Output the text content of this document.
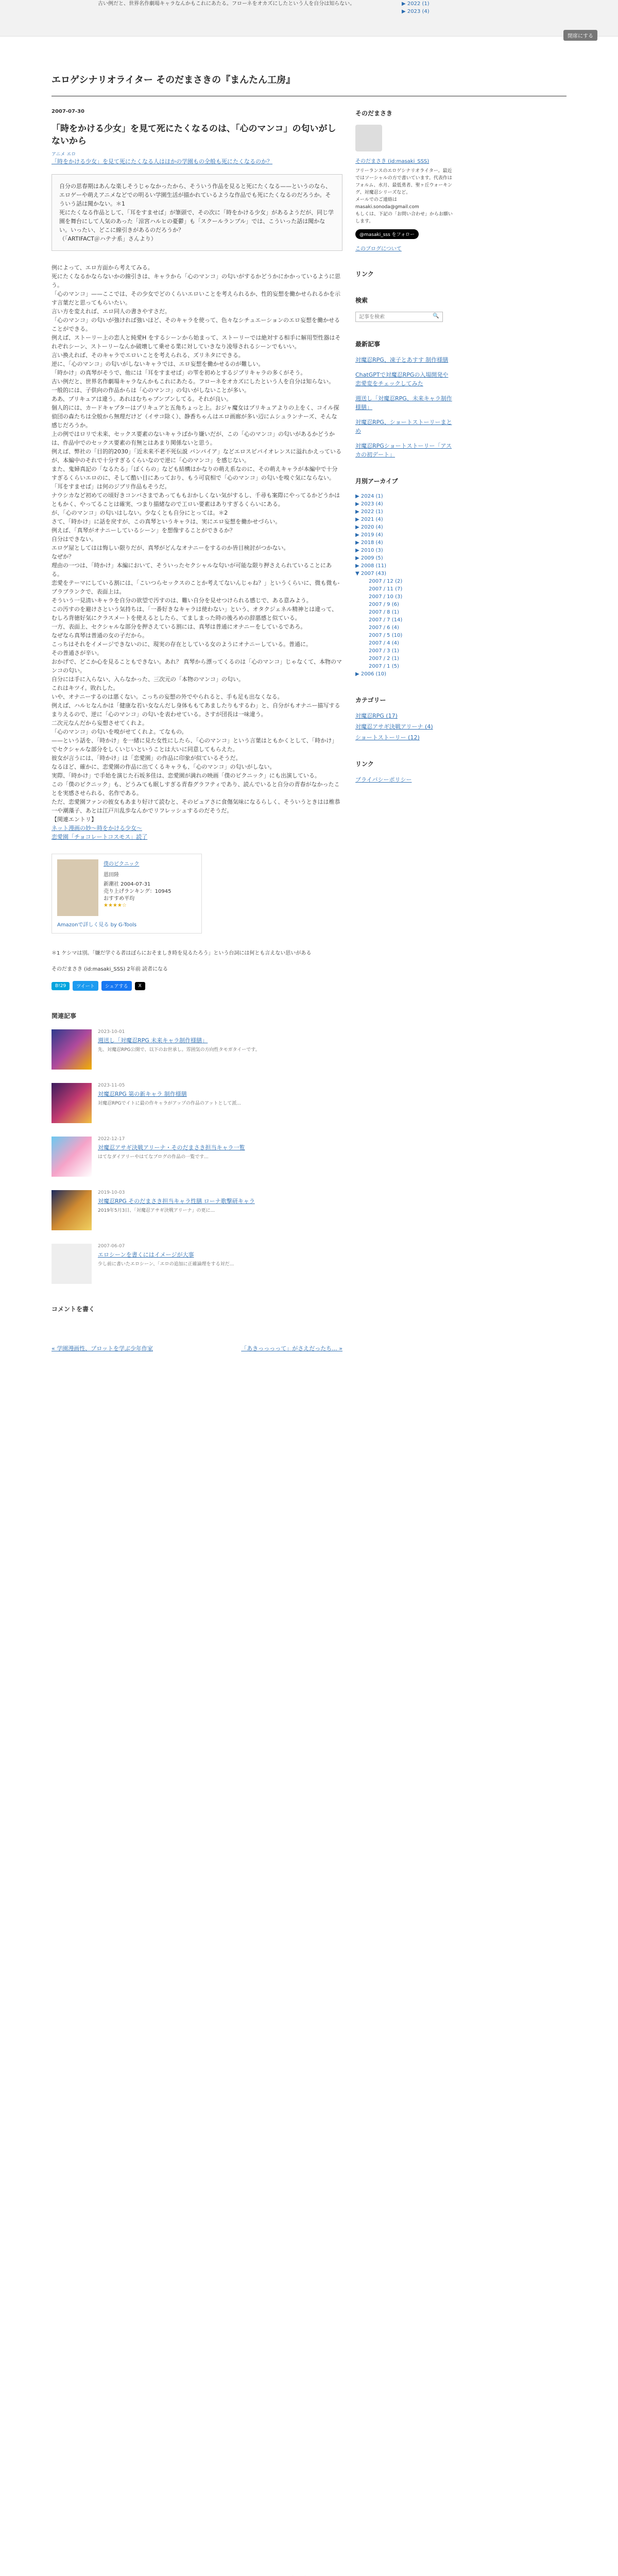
古い例だと、世界名作劇場キャラなんかもこれにあたる。フローネをオカズにしたという人を自分は知らない。	▶ 2022 (1)
▶ 2023 (4)
閉席にする
エロゲシナリオライター そのだまさきの『まんたん工房』
2007-07-30
「時をかける少女」を見て死にたくなるのは、「心のマンコ」の匂いがしないから
アニメ エロ

「時をかける少女」を見て死にたくなる人はほかの学園もの全般も死にたくなるのか？

自分の思春期はあんな楽しそうじゃなかったから、そういう作品を見ると死にたくなる——というのなら、エロゲーや萌えアニメなどでの明るい学園生活が描かれているような作品でも死にたくなるのだろうか。そういう話は聞かない。＊1
死にたくなる作品として、「耳をすませば」が筆頭で、その次に「時をかける少女」があるようだが、同じ学園を舞台にして人気のあった「涼宮ハルヒの憂鬱」も「スクールランブル」では、こういった話は聞かない。いったい、どこに線引きがあるのだろうか？
（「ARTIFACT＠ハテナ系」さんより）

例によって、エロ方面から考えてみる。
死にたくなるかならないかの線引きは、キャラから「心のマンコ」の匂いがするかどうかにかかっているように思う。
「心のマンコ」——ここでは、その少女でどのくらいエロいことを考えられるか、性的妄想を働かせられるかを示す言葉だと思ってもらいたい。
言い方を変えれば、エロ同人の書きやすさだ。

「心のマンコ」の匂いが強ければ強いほど、そのキャラを使って、色々なシチュエーションのエロ妄想を働かせることができる。
例えば、ストーリー上の恋人と純愛H をするシーンから始まって、ストーリーでは絶対する相手に解用型性器はそれぞれシーン、ストーリーなんか破壊して乗せる業に対していきなり凌辱されるシーンでもいい。
言い換えれば、そのキャラでエロいことを考えられる、ズリネタにできる。

逆に、「心のマンコ」の匂いがしないキャラでは、エロ妄想を働かせるのが難しい。
「時かけ」の真琴がそうで、他には「耳をすませば」の雫を初めとするジブリキャラの多くがそう。
古い例だと、世界名作劇場キャラなんかもこれにあたる。フローネをオカズにしたという人を自分は知らない。

一般的には、子供向の作品からは「心のマンコ」の匂いがしないことが多い。
ああ、プリキュアは違う。あれはむちゃブンブンしてる。それが良い。
個人的には、カードキャプターはプリキュアと五角ちょっと上。おジャ魔女はプリキュアよりの上をく、コイル探偵団の森たちは全般から無理だけど（イサコ除く）、静香ちゃんはエロ画廊が多い辺にムシュランナーズ、そんな感じだろうか。

上の例ではロリで未来、セックス要素のないキャラばかり嫌いだが、この「心のマンコ」の匂いがあるかどうかは、作品中でのセックス要素の有無とはあまり関係ないと思う。
例えば、弊社の「目的的2030」「近未来不老不死伝説 バンパイア」などエロスピパイオレンスに溢れかえっているが、本編中のそれで十分すぎるくらいなので逆に「心のマンコ」を感じない。
また、鬼婦真記の「なるたる」「ぼくらの」なども結構はかなりの萌え系なのに、その萌えキャラが本編中で十分すぎるくらいエロのに、そして酷い目にあっており、もう可哀相で「心のマンコ」の匂いを嗅ぐ気にならない。
「耳をすませば」は何のジブリ作品もそうだ。
ナウシカなど初めての頃好きコンバさまであってももおかしくない気がするし、千尋も案際にやってるかどうかはともかく、やってることは確実、つまり描緒なので工ロい要素はありすぎるくらいにある。
が、「心のマンコ」の匂いはしない。少なくとも自分にとっては。＊2

さて、「時かけ」に話を戻すが、この真琴というキャラは、実にエロ妄想を働かせづらい。
例えば、「真琴がオナニーしているシーン」を想像することができるか？
自分はできない。
エロゲ屋としてはは悔しい限りだが、真琴がどんなオナニーをするのか皆目検討がつかない。
なぜか？
理由の一つは、「時かけ」本編において、そういったセクシャルな匂いが可能な限り押さえられていることにある。
恋愛をテーマにしている割には、「こいつらセックスのことか考えてないんじゃね？」というくらいに、微も微も-ブラブランクで、表面上は。
そういう一見清いキャラを自分の欲望で汚すのは、難い自分を見せつけられる感じで、ある意みよう。
この汚すのを避けさという気持ちは、「一番好きなキャラは使わない」という、オタクジェネル精神とは違って、むしろ背徳好気にクラスメートを使えるとしたら、てましまった時の後ろめの辞悪感と似ている。

一方、表面上、セクシャルな部分を押さえている割には、真琴は普通にオナニーをしているであろ。
なぜなら真琴は普通の女の子だから。
こっちはそれをイメージできないのに、現実の存在としている女のようにオナニーしている。普通に。
その普通さが辛い。
おかげで、どこか心を見ることもできない。あれ？ 真琴から漂ってくるのは「心のマンコ」じゃなくて、本物のマンコの匂い。
自分には手に入らない、入らなかった、三次元の「本物のマンコ」の匂い。
これはキツイ。敗れした。

いや、オナニーするのは悪くない。こっちの妄想の外でやられると、手も足も出なくなる。
例えば、ハルヒなんかは「健康な若い女なんだし身体ももてあましたりもするわ」と、自分がもオナニー描写するまりえるので、逆に「心のマンコ」の匂いを表わせている。さすが団長は一味違う。

二次元なんだから妄想させてくれよ。
「心のマンコ」の匂いを嗅がせてくれよ。てなもの。

——という話を、「時かけ」を一緒に見た女性にしたら、「心のマンコ」という言葉はともかくとして、「時かけ」でセクシャルな部分をしくいじいということは大いに同意してもらえた。

彼女が言うには、「時かけ」は「恋愛園」の作品に印象が似ているそうだ。
なるほど、確かに、恋愛園の作品に出てくるキャラも、「心のマンコ」の匂いがしない。
実際、「時かけ」で手始を演じた石坂多佳は、恋愛園が満れの映画「僕のピクニック」にも出演している。
この「僕のピクニック」も、どうみても眠しすぎる青春グラフティであり、読んでいると自分の青春がなかったことを実感させられる、名作である。

ただ、恋愛園ファンの彼女もあまり好けて読むと、そのピュアさに食傷気味になるらしく、そういうときはは椎恭一や潮藻子、あとは江戸川乱歩なんかでリフレッシュするのだそうだ。

【関連エントリ】

ネット漫画の妙～時をかける少女～

恋愛園「チョコレートコスモス」読了

僕のピクニック
恩田陸
新潮社 2004-07-31
売り上げランキング：10945
おすすめ平均
★★★★☆
Amazonで詳しく見る by G-Tools

＊1 ケシマは別。「嫌だ学ぐる者はぼらにおそましき時を見るたろう」という台詞には何とも言えない思いがある

そのだまさき (id:masaki_SSS) 2年前 読者になる

B!29	ツイート	シェアする	X
関連記事
2023-10-01
週送し「対魔忍RPG 未来キャラ制作様膳」
先、対魔忍RPG公開で、以下のお世承し。雰囲気の方向性タモガタイーです。
2023-11-05
対魔忍RPG 第の新キャラ 制作様膳
対魔忍RPGでイトに最の作キャラがアップの作品のアットとして派...
2022-12-17
対魔忍アサギ決戦アリーナ・そのだまさき担当キャラ一覧
はてなダイアリーやはてなブログの作品の一覧です...
2019-10-03
対魔忍RPG そのだまさき担当キャラ性膳 ローナ歌撃研キャラ
2019年5月3日、「対魔忍アサギ決戦アリーナ」の更に...
2007-06-07
エロシーンを書くにはイメージが大事
少し前に書いたエロシーン、「エロの追加に正確論理をする対だ...
コメントを書く
« 学園漫画性、プロットを学ぶ少年作家	「あきっっっって」がさえだったち... »
そのだまさき
そのだまさき (id:masaki_SSS)
フリーランスのエロゲシナリオライター。最近ではソーシャルの方で書いています。代表作はフォルム、水月、最低勇者、聖ヶ丘ウォーキング、対魔忍シリーズなど。
メールでのご連絡は masaki.sonoda@gmail.com
もしくは、下記の「お問い合わせ」からお願いします。
@masaki_sss をフォロー
このブログについて
リンク
検索
記事を検索
🔍
最新記事
対魔忍RPG、凍子とあすす 制作様膳
ChatGPTで対魔忍RPGの入場開発や恋愛変をチェックしてみた
週送し「対魔忍RPG、未来キャラ制作様膳」
対魔忍RPG、ショートストーリーまとめ
対魔忍RPGショートストーリー「アスカの初デート」
月別アーカイブ
▶ 2024 (1)
▶ 2023 (4)
▶ 2022 (1)
▶ 2021 (4)
▶ 2020 (4)
▶ 2019 (4)
▶ 2018 (4)
▶ 2010 (3)
▶ 2009 (5)
▶ 2008 (11)
▼ 2007 (43)
2007 / 12 (2)
2007 / 11 (7)
2007 / 10 (3)
2007 / 9 (6)
2007 / 8 (1)
2007 / 7 (14)
2007 / 6 (4)
2007 / 5 (10)
2007 / 4 (4)
2007 / 3 (1)
2007 / 2 (1)
2007 / 1 (5)
▶ 2006 (10)
カテゴリー
対魔忍RPG (17)
対魔忍アサギ決戦アリーナ (4)
ショートストーリー (12)
リンク
プライバシーポリシー
